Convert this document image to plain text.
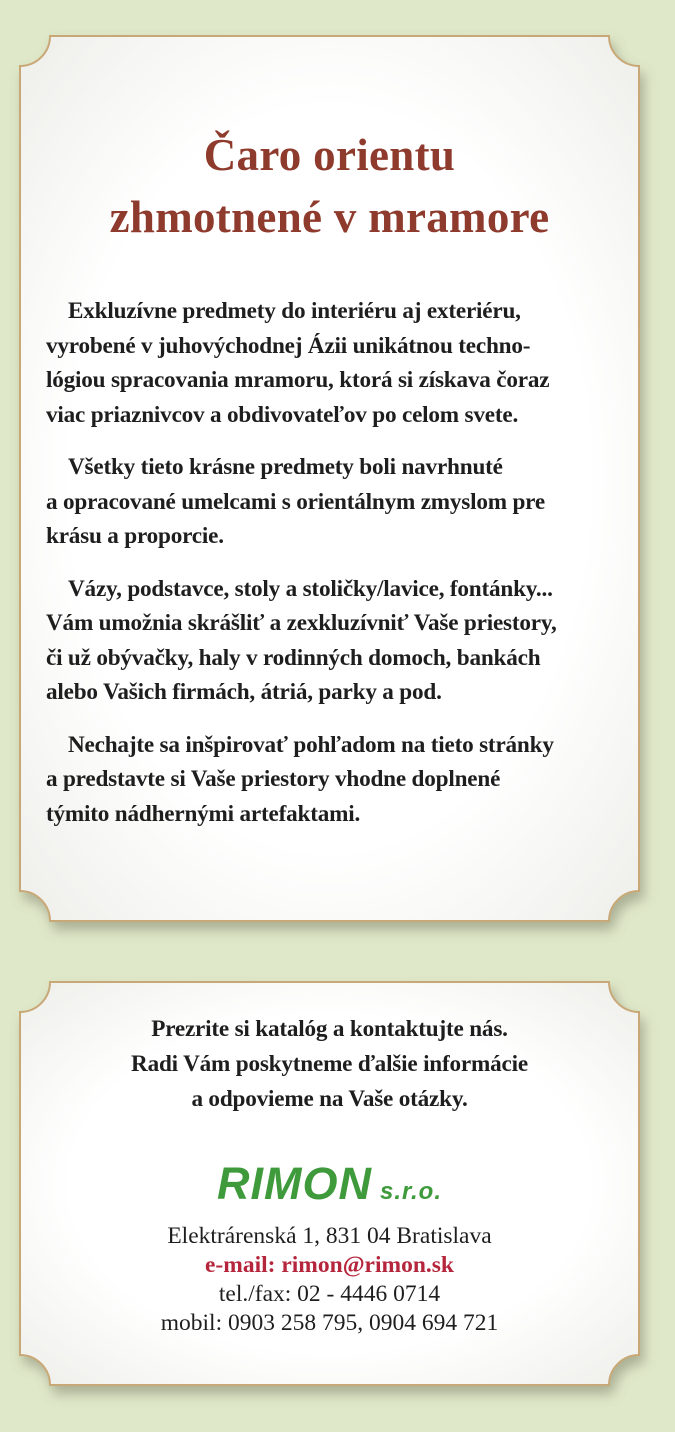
Čaro orientu
zhmotnené v mramore
Exkluzívne predmety do interiéru aj exteriéru,
vyrobené v juhovýchodnej Ázii unikátnou techno-
lógiou spracovania mramoru, ktorá si získava čoraz
viac priaznivcov a obdivovateľov po celom svete.
Všetky tieto krásne predmety boli navrhnuté
a opracované umelcami s orientálnym zmyslom pre
krásu a proporcie.
Vázy, podstavce, stoly a stoličky/lavice, fontánky...
Vám umožnia skrášliť a zexkluzívniť Vaše priestory,
či už obývačky, haly v rodinných domoch, bankách
alebo Vašich firmách, átriá, parky a pod.
Nechajte sa inšpirovať pohľadom na tieto stránky
a predstavte si Vaše priestory vhodne doplnené
týmito nádhernými artefaktami.
Prezrite si katalóg a kontaktujte nás.
Radi Vám poskytneme ďalšie informácie
a odpovieme na Vaše otázky.
RIMON s.r.o.
Elektrárenská 1, 831 04 Bratislava
e-mail: rimon@rimon.sk
tel./fax: 02 - 4446 0714
mobil: 0903 258 795, 0904 694 721
